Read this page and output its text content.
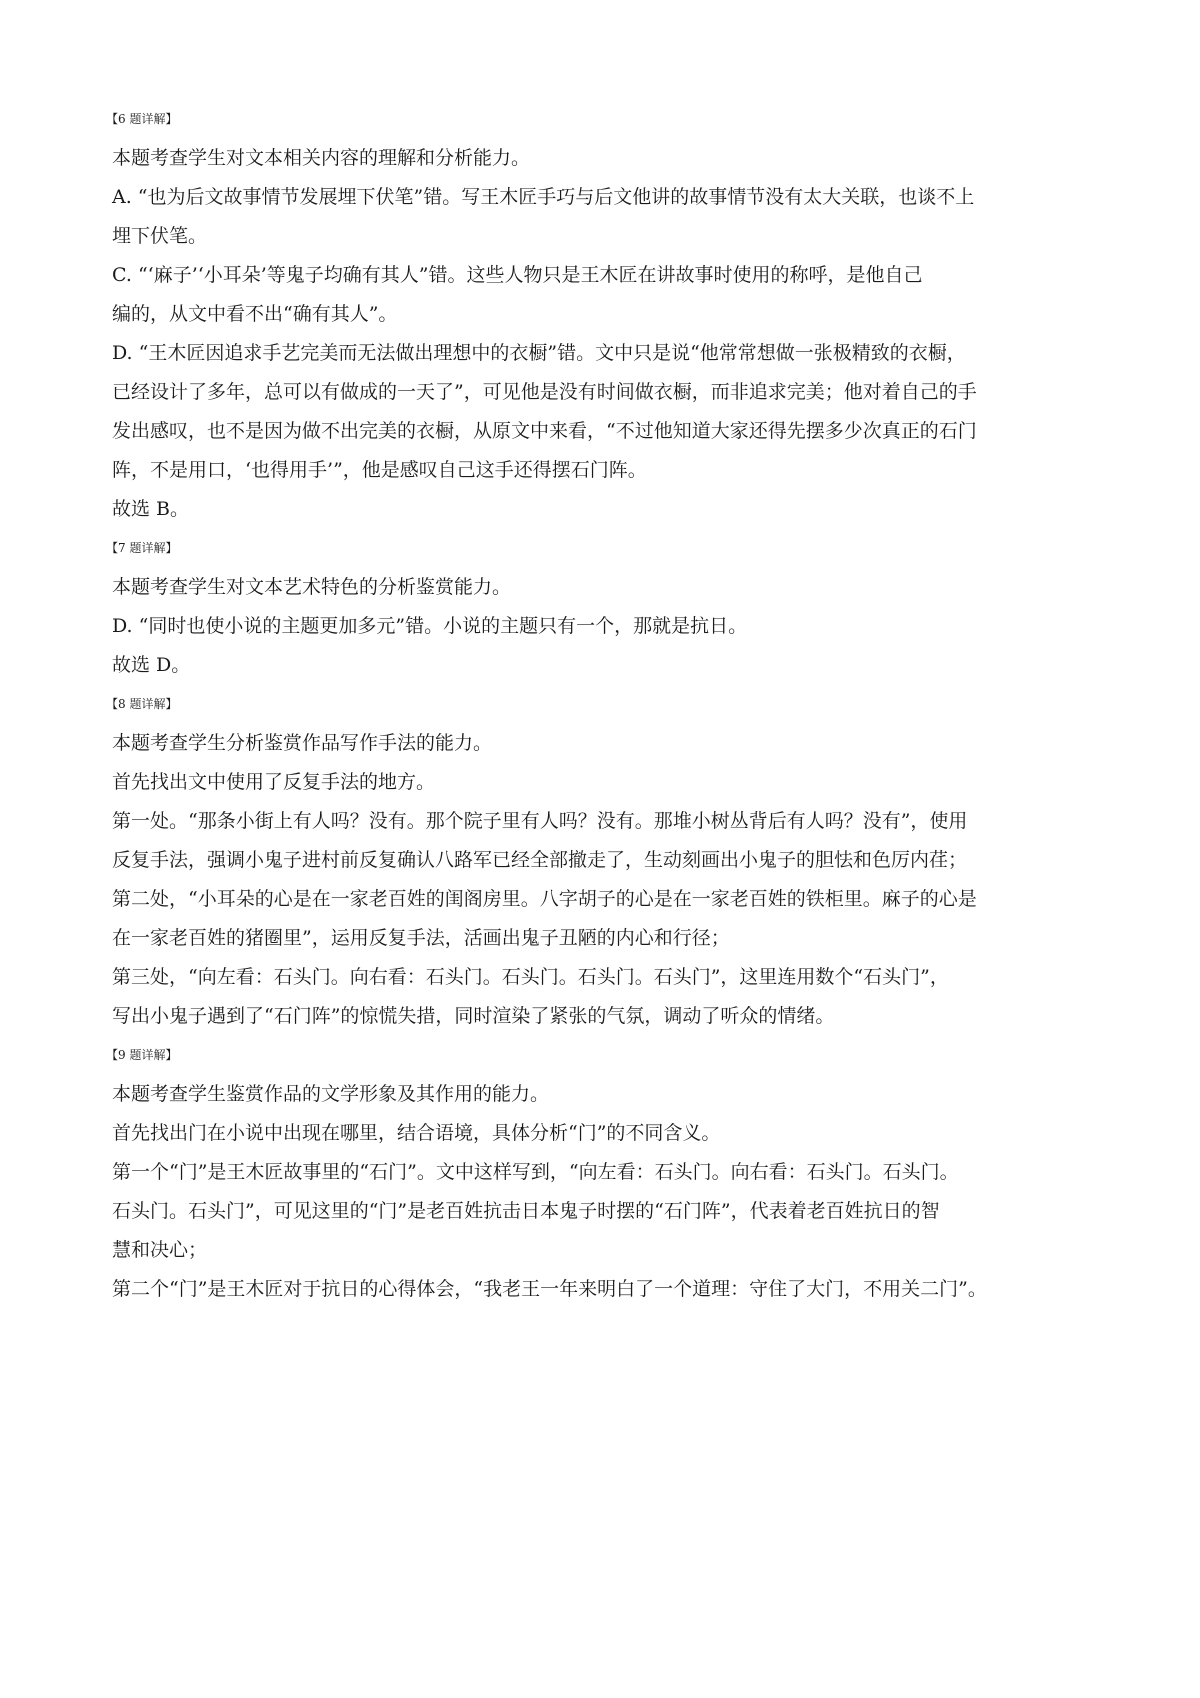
【6 题详解】

本题考查学生对文本相关内容的理解和分析能力。

A. “也为后文故事情节发展埋下伏笔”错。写王木匠手巧与后文他讲的故事情节没有太大关联，也谈不上

埋下伏笔。

C. “‘麻子’‘小耳朵’等鬼子均确有其人”错。这些人物只是王木匠在讲故事时使用的称呼，是他自己

编的，从文中看不出“确有其人”。

D. “王木匠因追求手艺完美而无法做出理想中的衣橱”错。文中只是说“他常常想做一张极精致的衣橱，

已经设计了多年，总可以有做成的一天了”，可见他是没有时间做衣橱，而非追求完美；他对着自己的手

发出感叹，也不是因为做不出完美的衣橱，从原文中来看，“不过他知道大家还得先摆多少次真正的石门

阵，不是用口，‘也得用手’”，他是感叹自己这手还得摆石门阵。

故选 B。

【7 题详解】

本题考查学生对文本艺术特色的分析鉴赏能力。

D. “同时也使小说的主题更加多元”错。小说的主题只有一个，那就是抗日。

故选 D。

【8 题详解】

本题考查学生分析鉴赏作品写作手法的能力。

首先找出文中使用了反复手法的地方。

第一处。“那条小街上有人吗？没有。那个院子里有人吗？没有。那堆小树丛背后有人吗？没有”，使用

反复手法，强调小鬼子进村前反复确认八路军已经全部撤走了，生动刻画出小鬼子的胆怯和色厉内荏；

第二处，“小耳朵的心是在一家老百姓的闺阁房里。八字胡子的心是在一家老百姓的铁柜里。麻子的心是

在一家老百姓的猪圈里”，运用反复手法，活画出鬼子丑陋的内心和行径；

第三处，“向左看：石头门。向右看：石头门。石头门。石头门。石头门”，这里连用数个“石头门”，

写出小鬼子遇到了“石门阵”的惊慌失措，同时渲染了紧张的气氛，调动了听众的情绪。

【9 题详解】

本题考查学生鉴赏作品的文学形象及其作用的能力。

首先找出门在小说中出现在哪里，结合语境，具体分析“门”的不同含义。

第一个“门”是王木匠故事里的“石门”。文中这样写到，“向左看：石头门。向右看：石头门。石头门。

石头门。石头门”，可见这里的“门”是老百姓抗击日本鬼子时摆的“石门阵”，代表着老百姓抗日的智

慧和决心；

第二个“门”是王木匠对于抗日的心得体会，“我老王一年来明白了一个道理：守住了大门，不用关二门”。
